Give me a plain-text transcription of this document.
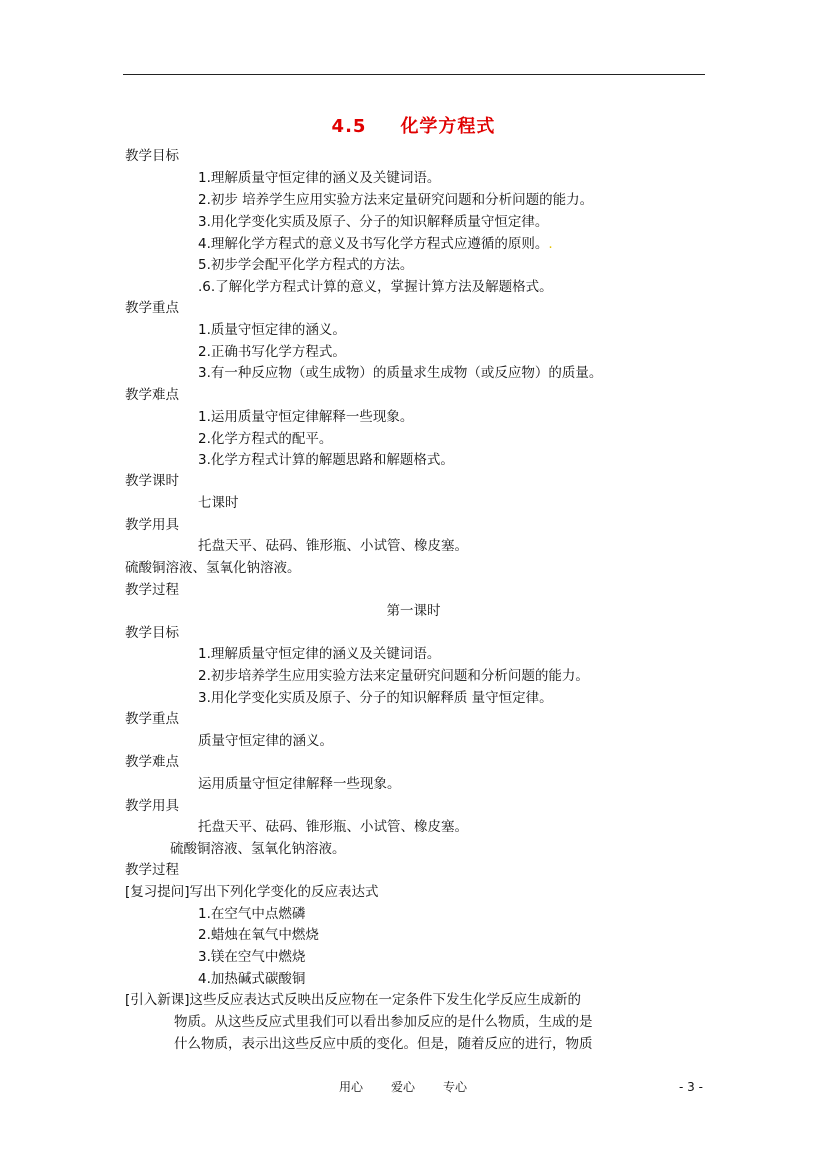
4.5 化学方程式
教学目标
1.理解质量守恒定律的涵义及关键词语。
2.初步 培养学生应用实验方法来定量研究问题和分析问题的能力。
3.用化学变化实质及原子、分子的知识解释质量守恒定律。
4.理解化学方程式的意义及书写化学方程式应遵循的原则。.
5.初步学会配平化学方程式的方法。
.6.了解化学方程式计算的意义，掌握计算方法及解题格式。
教学重点
1.质量守恒定律的涵义。
2.正确书写化学方程式。
3.有一种反应物（或生成物）的质量求生成物（或反应物）的质量。
教学难点
1.运用质量守恒定律解释一些现象。
2.化学方程式的配平。
3.化学方程式计算的解题思路和解题格式。
教学课时
七课时
教学用具
托盘天平、砝码、锥形瓶、小试管、橡皮塞。
硫酸铜溶液、氢氧化钠溶液。
教学过程
第一课时
教学目标
1.理解质量守恒定律的涵义及关键词语。
2.初步培养学生应用实验方法来定量研究问题和分析问题的能力。
3.用化学变化实质及原子、分子的知识解释质 量守恒定律。
教学重点
质量守恒定律的涵义。
教学难点
运用质量守恒定律解释一些现象。
教学用具
托盘天平、砝码、锥形瓶、小试管、橡皮塞。
硫酸铜溶液、氢氧化钠溶液。
教学过程
[复习提问]写出下列化学变化的反应表达式
1.在空气中点燃磷
2.蜡烛在氧气中燃烧
3.镁在空气中燃烧
4.加热碱式碳酸铜
[引入新课]这些反应表达式反映出反应物在一定条件下发生化学反应生成新的
物质。从这些反应式里我们可以看出参加反应的是什么物质，生成的是
什么物质，表示出这些反应中质的变化。但是，随着反应的进行，物质
用心 爱心 专心	- 3 -
